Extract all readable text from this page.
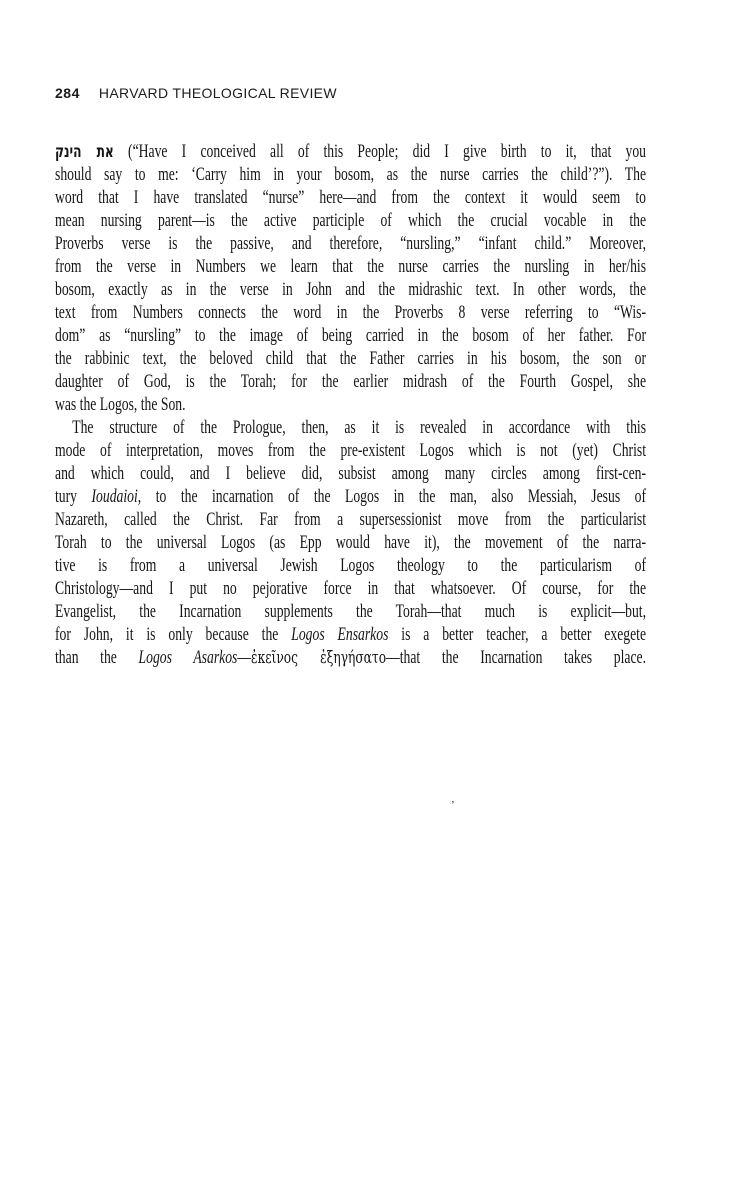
284 HARVARD THEOLOGICAL REVIEW
את הינק (“Have I conceived all of this People; did I give birth to it, that you
should say to me: ‘Carry him in your bosom, as the nurse carries the child’?”). The
word that I have translated “nurse” here—and from the context it would seem to
mean nursing parent—is the active participle of which the crucial vocable in the
Proverbs verse is the passive, and therefore, “nursling,” “infant child.” Moreover,
from the verse in Numbers we learn that the nurse carries the nursling in her/his
bosom, exactly as in the verse in John and the midrashic text. In other words, the
text from Numbers connects the word in the Proverbs 8 verse referring to “Wis-
dom” as “nursling” to the image of being carried in the bosom of her father. For
the rabbinic text, the beloved child that the Father carries in his bosom, the son or
daughter of God, is the Torah; for the earlier midrash of the Fourth Gospel, she
was the Logos, the Son.
The structure of the Prologue, then, as it is revealed in accordance with this
mode of interpretation, moves from the pre-existent Logos which is not (yet) Christ
and which could, and I believe did, subsist among many circles among first-cen-
tury Ioudaioi, to the incarnation of the Logos in the man, also Messiah, Jesus of
Nazareth, called the Christ. Far from a supersessionist move from the particularist
Torah to the universal Logos (as Epp would have it), the movement of the narra-
tive is from a universal Jewish Logos theology to the particularism of
Christology—and I put no pejorative force in that whatsoever. Of course, for the
Evangelist, the Incarnation supplements the Torah—that much is explicit—but,
for John, it is only because the Logos Ensarkos is a better teacher, a better exegete
than the Logos Asarkos—ἐκεῖνος ἐξηγήσατο—that the Incarnation takes place.
’
